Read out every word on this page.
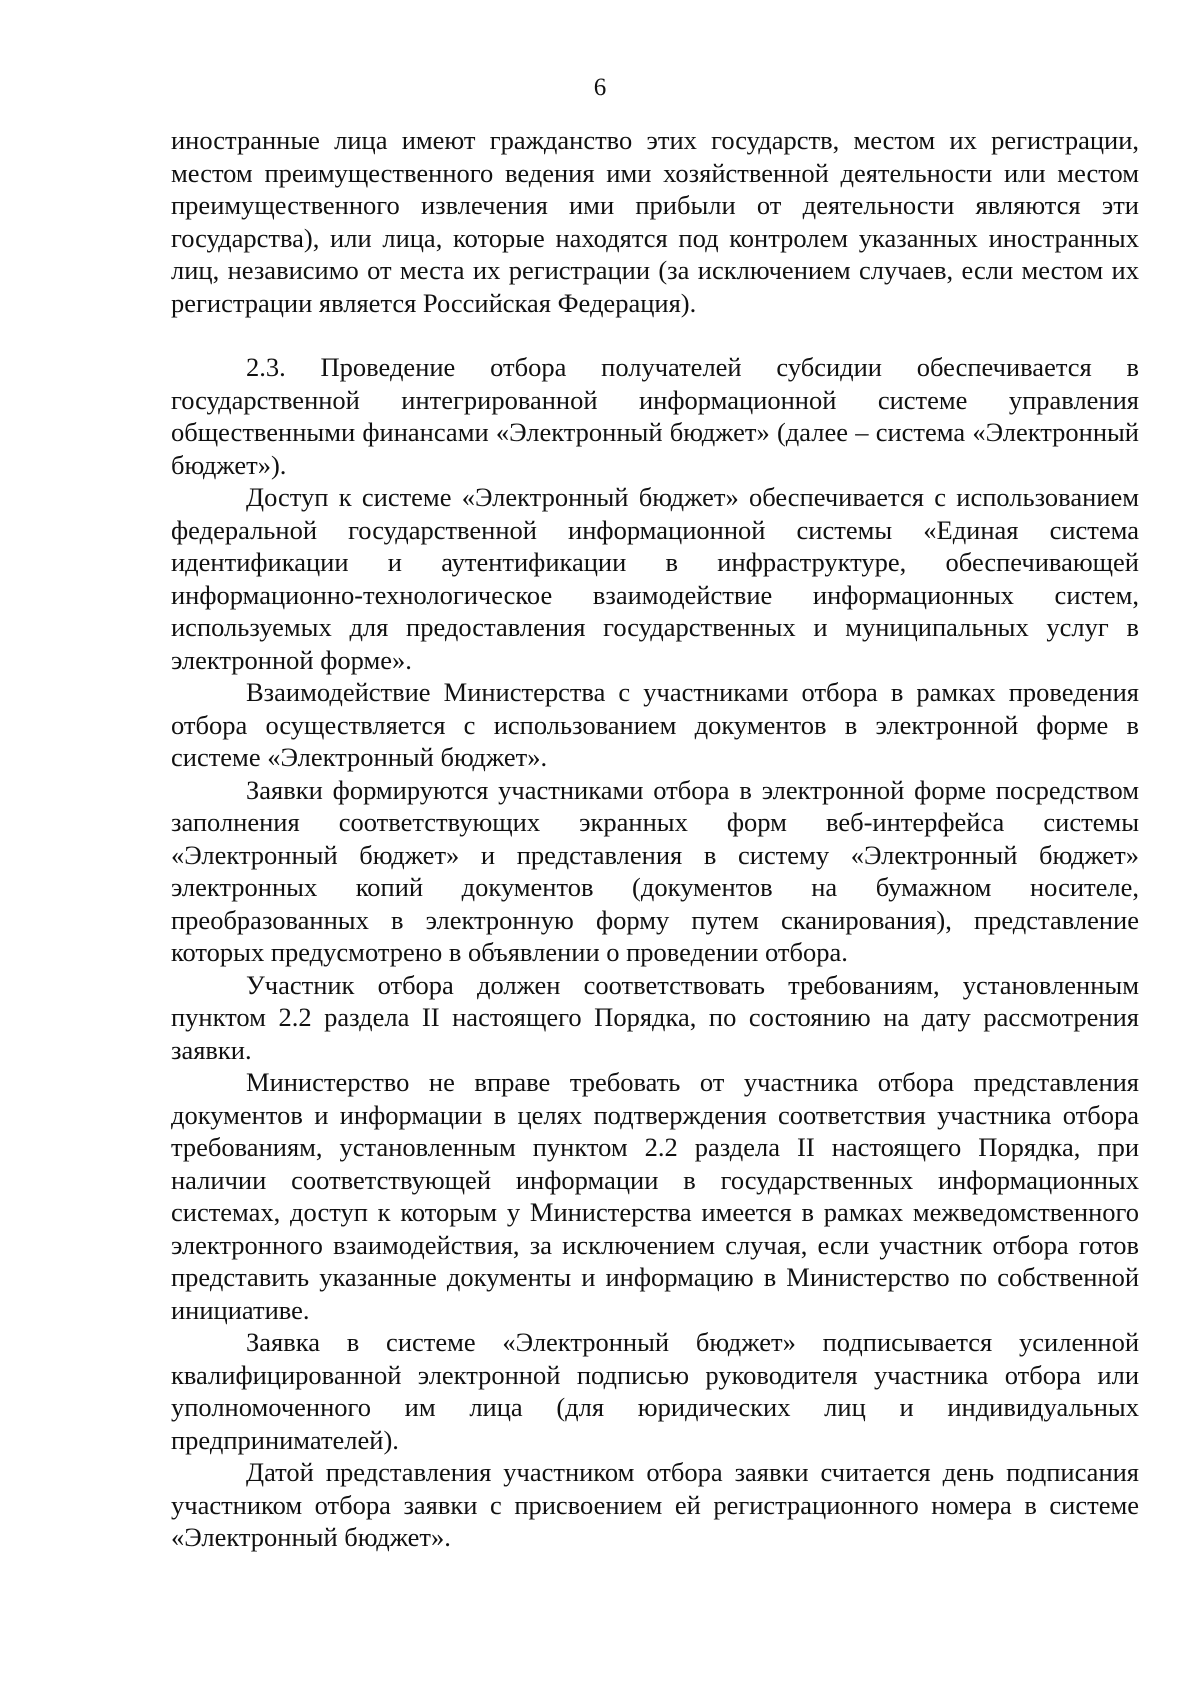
6

иностранные лица имеют гражданство этих государств, местом их регистрации, местом преимущественного ведения ими хозяйственной деятельности или местом преимущественного извлечения ими прибыли от деятельности являются эти государства), или лица, которые находятся под контролем указанных иностранных лиц, независимо от места их регистрации (за исключением случаев, если местом их регистрации является Российская Федерация).

2.3. Проведение отбора получателей субсидии обеспечивается в государственной интегрированной информационной системе управления общественными финансами «Электронный бюджет» (далее – система «Электронный бюджет»).

Доступ к системе «Электронный бюджет» обеспечивается с использованием федеральной государственной информационной системы «Единая система идентификации и аутентификации в инфраструктуре, обеспечивающей информационно-технологическое взаимодействие информационных систем, используемых для предоставления государственных и муниципальных услуг в электронной форме».

Взаимодействие Министерства с участниками отбора в рамках проведения отбора осуществляется с использованием документов в электронной форме в системе «Электронный бюджет».

Заявки формируются участниками отбора в электронной форме посредством заполнения соответствующих экранных форм веб-интерфейса системы «Электронный бюджет» и представления в систему «Электронный бюджет» электронных копий документов (документов на бумажном носителе, преобразованных в электронную форму путем сканирования), представление которых предусмотрено в объявлении о проведении отбора.

Участник отбора должен соответствовать требованиям, установленным пунктом 2.2 раздела II настоящего Порядка, по состоянию на дату рассмотрения заявки.

Министерство не вправе требовать от участника отбора представления документов и информации в целях подтверждения соответствия участника отбора требованиям, установленным пунктом 2.2 раздела II настоящего Порядка, при наличии соответствующей информации в государственных информационных системах, доступ к которым у Министерства имеется в рамках межведомственного электронного взаимодействия, за исключением случая, если участник отбора готов представить указанные документы и информацию в Министерство по собственной инициативе.

Заявка в системе «Электронный бюджет» подписывается усиленной квалифицированной электронной подписью руководителя участника отбора или уполномоченного им лица (для юридических лиц и индивидуальных предпринимателей).

Датой представления участником отбора заявки считается день подписания участником отбора заявки с присвоением ей регистрационного номера в системе «Электронный бюджет».
